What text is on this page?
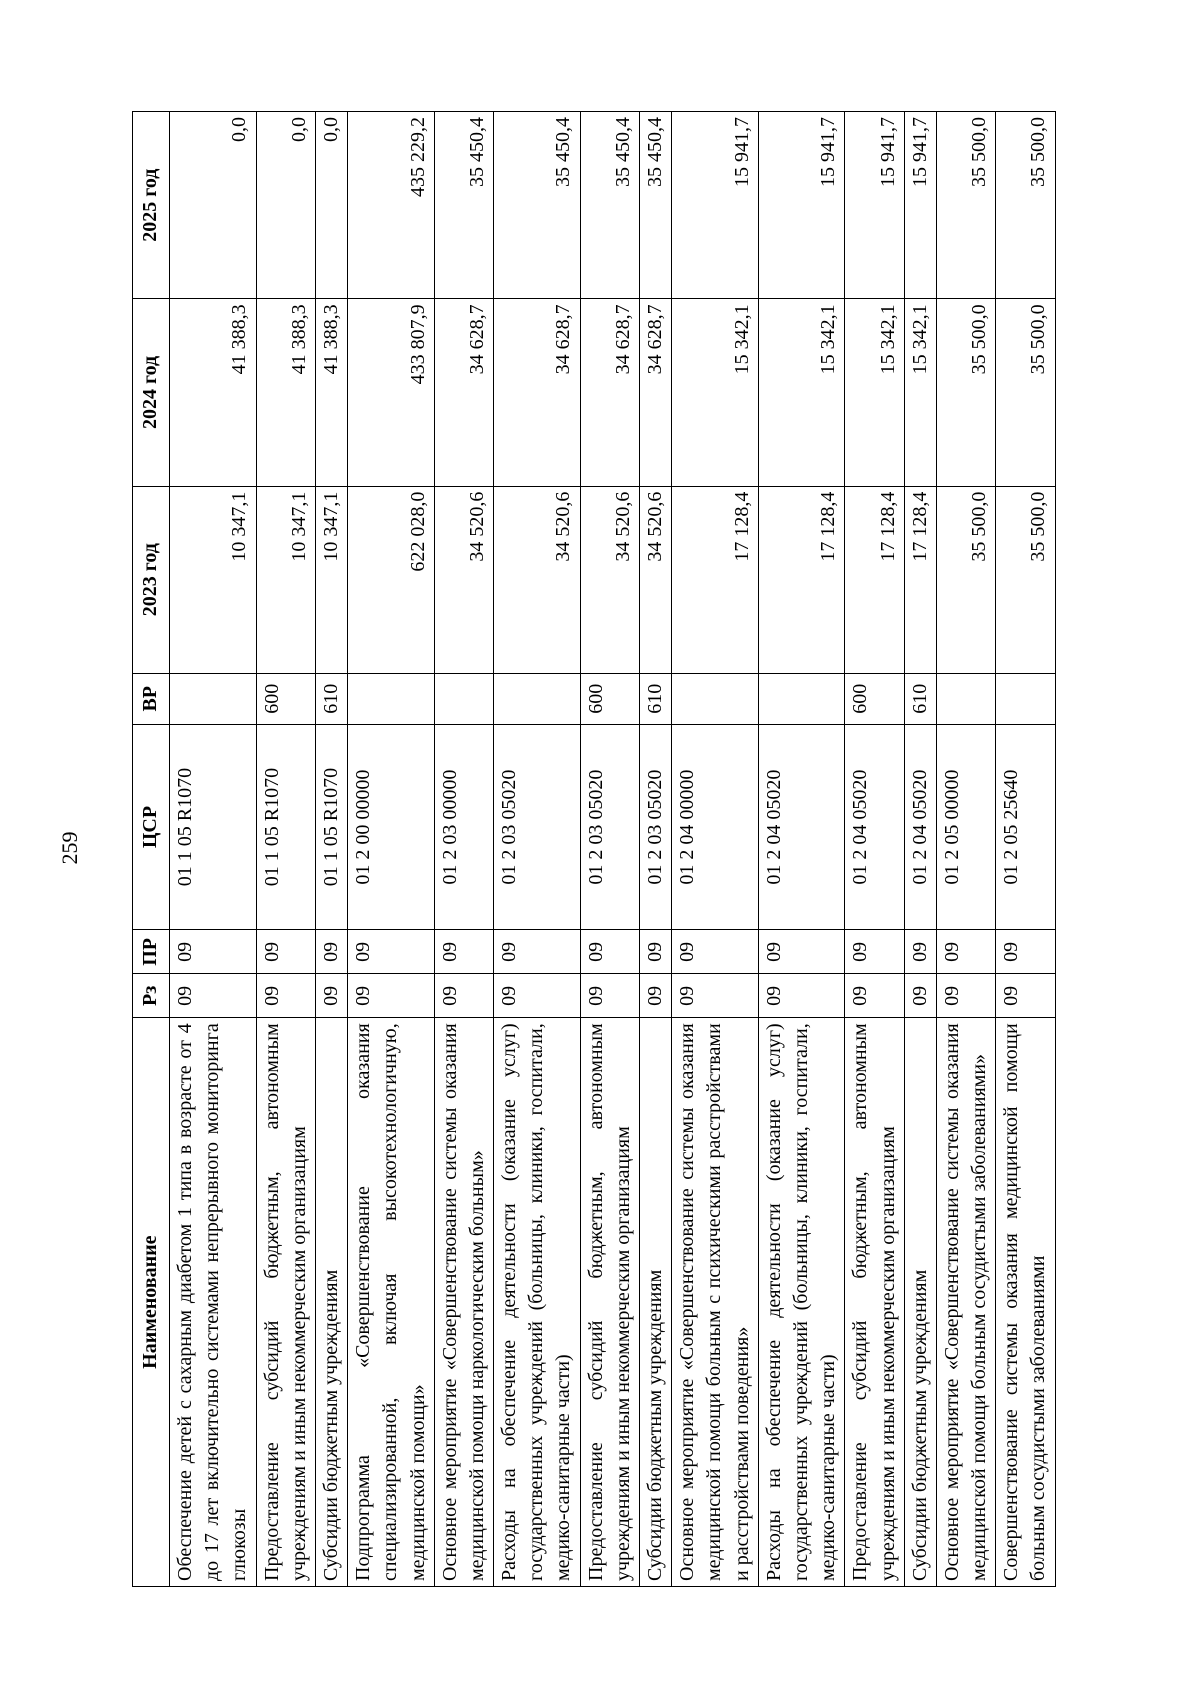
259
Наименование	Рз	ПР	ЦСР	ВР	2023 год	2024 год	2025 год
Обеспечение детей с сахарным диабетом 1 типа в возрасте от 4 до 17 лет включительно системами непрерывного мониторинга глюкозы	09	09	01 1 05 R1070		10 347,1	41 388,3	0,0
Предоставление субсидий бюджетным, автономным учреждениям и иным некоммерческим организациям	09	09	01 1 05 R1070	600	10 347,1	41 388,3	0,0
Субсидии бюджетным учреждениям	09	09	01 1 05 R1070	610	10 347,1	41 388,3	0,0
Подпрограмма «Совершенствование оказания специализированной, включая высокотехнологичную, медицинской помощи»	09	09	01 2 00 00000		622 028,0	433 807,9	435 229,2
Основное мероприятие «Совершенствование системы оказания медицинской помощи наркологическим больным»	09	09	01 2 03 00000		34 520,6	34 628,7	35 450,4
Расходы на обеспечение деятельности (оказание услуг) государственных учреждений (больницы, клиники, госпитали, медико-санитарные части)	09	09	01 2 03 05020		34 520,6	34 628,7	35 450,4
Предоставление субсидий бюджетным, автономным учреждениям и иным некоммерческим организациям	09	09	01 2 03 05020	600	34 520,6	34 628,7	35 450,4
Субсидии бюджетным учреждениям	09	09	01 2 03 05020	610	34 520,6	34 628,7	35 450,4
Основное мероприятие «Совершенствование системы оказания медицинской помощи больным с психическими расстройствами и расстройствами поведения»	09	09	01 2 04 00000		17 128,4	15 342,1	15 941,7
Расходы на обеспечение деятельности (оказание услуг) государственных учреждений (больницы, клиники, госпитали, медико-санитарные части)	09	09	01 2 04 05020		17 128,4	15 342,1	15 941,7
Предоставление субсидий бюджетным, автономным учреждениям и иным некоммерческим организациям	09	09	01 2 04 05020	600	17 128,4	15 342,1	15 941,7
Субсидии бюджетным учреждениям	09	09	01 2 04 05020	610	17 128,4	15 342,1	15 941,7
Основное мероприятие «Совершенствование системы оказания медицинской помощи больным сосудистыми заболеваниями»	09	09	01 2 05 00000		35 500,0	35 500,0	35 500,0
Совершенствование системы оказания медицинской помощи больным сосудистыми заболеваниями	09	09	01 2 05 25640		35 500,0	35 500,0	35 500,0
